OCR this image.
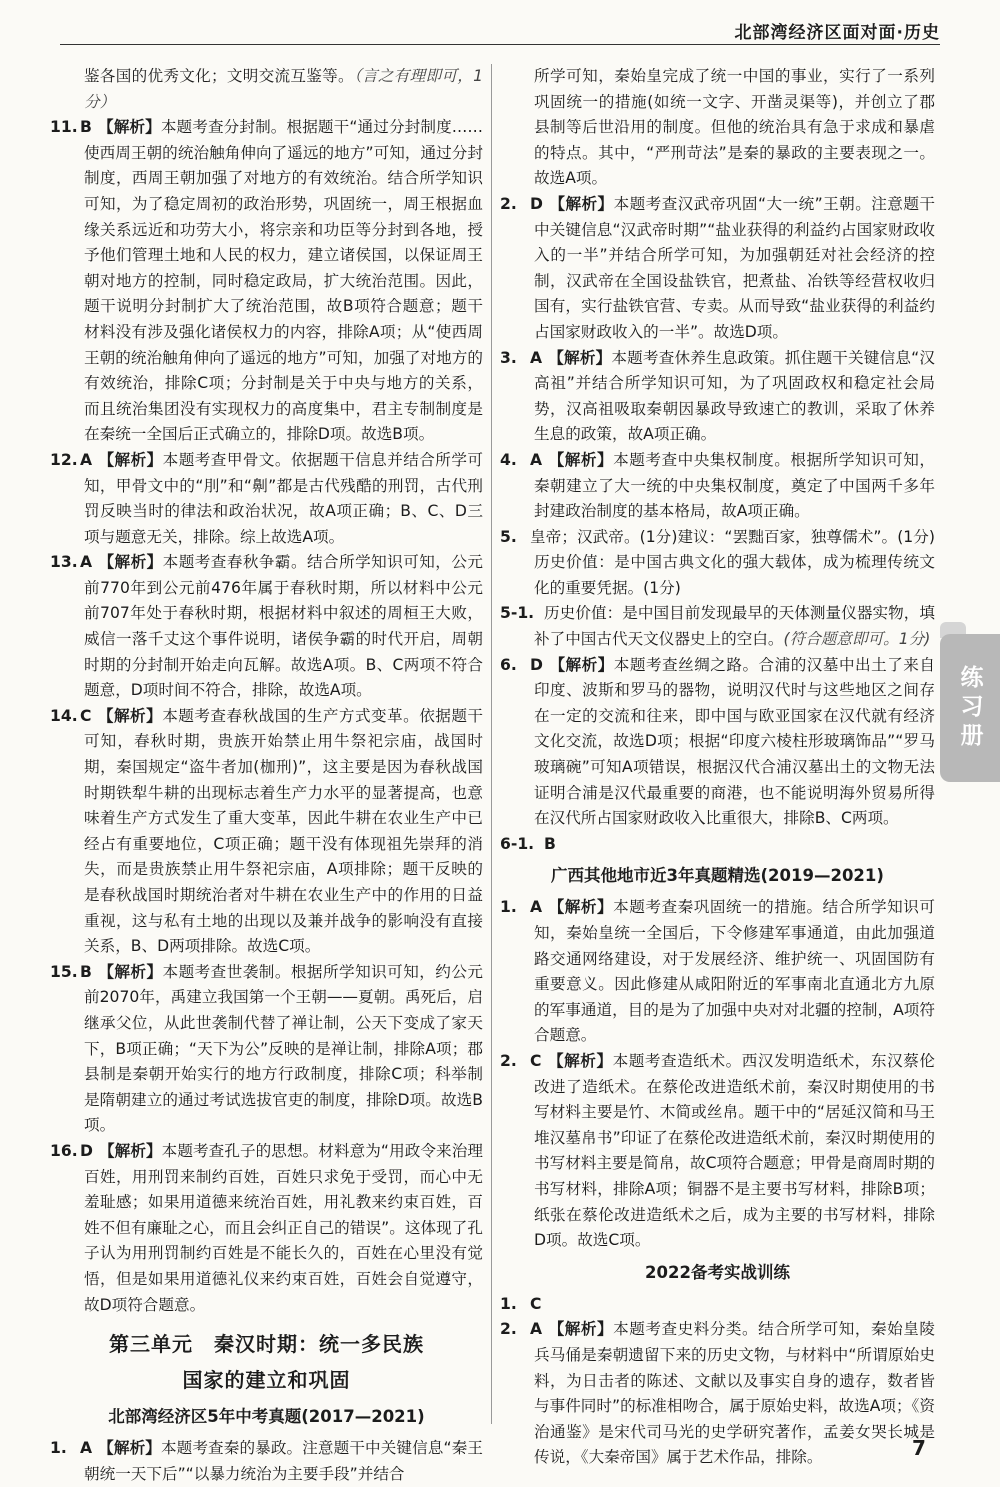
北部湾经济区面对面·历史

鉴各国的优秀文化；文明交流互鉴等。（言之有理即可，1分）

11. B 【解析】本题考查分封制。根据题干“通过分封制度……使西周王朝的统治触角伸向了遥远的地方”可知，通过分封制度，西周王朝加强了对地方的有效统治。结合所学知识可知，为了稳定周初的政治形势，巩固统一，周王根据血缘关系远近和功劳大小，将宗亲和功臣等分封到各地，授予他们管理土地和人民的权力，建立诸侯国，以保证周王朝对地方的控制，同时稳定政局，扩大统治范围。因此，题干说明分封制扩大了统治范围，故B项符合题意；题干材料没有涉及强化诸侯权力的内容，排除A项；从“使西周王朝的统治触角伸向了遥远的地方”可知，加强了对地方的有效统治，排除C项；分封制是关于中央与地方的关系，而且统治集团没有实现权力的高度集中，君主专制制度是在秦统一全国后正式确立的，排除D项。故选B项。

12. A 【解析】本题考查甲骨文。依据题干信息并结合所学可知，甲骨文中的“刖”和“劓”都是古代残酷的刑罚，古代刑罚反映当时的律法和政治状况，故A项正确；B、C、D三项与题意无关，排除。综上故选A项。

13. A 【解析】本题考查春秋争霸。结合所学知识可知，公元前770年到公元前476年属于春秋时期，所以材料中公元前707年处于春秋时期，根据材料中叙述的周桓王大败，威信一落千丈这个事件说明，诸侯争霸的时代开启，周朝时期的分封制开始走向瓦解。故选A项。B、C两项不符合题意，D项时间不符合，排除，故选A项。

14. C 【解析】本题考查春秋战国的生产方式变革。依据题干可知，春秋时期，贵族开始禁止用牛祭祀宗庙，战国时期，秦国规定“盗牛者加(枷刑)”，这主要是因为春秋战国时期铁犁牛耕的出现标志着生产力水平的显著提高，也意味着生产方式发生了重大变革，因此牛耕在农业生产中已经占有重要地位，C项正确；题干没有体现祖先崇拜的消失，而是贵族禁止用牛祭祀宗庙，A项排除；题干反映的是春秋战国时期统治者对牛耕在农业生产中的作用的日益重视，这与私有土地的出现以及兼并战争的影响没有直接关系，B、D两项排除。故选C项。

15. B 【解析】本题考查世袭制。根据所学知识可知，约公元前2070年，禹建立我国第一个王朝——夏朝。禹死后，启继承父位，从此世袭制代替了禅让制，公天下变成了家天下，B项正确；“天下为公”反映的是禅让制，排除A项；郡县制是秦朝开始实行的地方行政制度，排除C项；科举制是隋朝建立的通过考试选拔官吏的制度，排除D项。故选B项。

16. D 【解析】本题考查孔子的思想。材料意为“用政令来治理百姓，用刑罚来制约百姓，百姓只求免于受罚，而心中无羞耻感；如果用道德来统治百姓，用礼教来约束百姓，百姓不但有廉耻之心，而且会纠正自己的错误”。这体现了孔子认为用刑罚制约百姓是不能长久的，百姓在心里没有觉悟，但是如果用道德礼仪来约束百姓，百姓会自觉遵守，故D项符合题意。

第三单元　秦汉时期：统一多民族

国家的建立和巩固

北部湾经济区5年中考真题(2017—2021)

1. A 【解析】本题考查秦的暴政。注意题干中关键信息“秦王朝统一天下后”“以暴力统治为主要手段”并结合

所学可知，秦始皇完成了统一中国的事业，实行了一系列巩固统一的措施(如统一文字、开凿灵渠等)，并创立了郡县制等后世沿用的制度。但他的统治具有急于求成和暴虐的特点。其中，“严刑苛法”是秦的暴政的主要表现之一。故选A项。

2. D 【解析】本题考查汉武帝巩固“大一统”王朝。注意题干中关键信息“汉武帝时期”“盐业获得的利益约占国家财政收入的一半”并结合所学可知，为加强朝廷对社会经济的控制，汉武帝在全国设盐铁官，把煮盐、冶铁等经营权收归国有，实行盐铁官营、专卖。从而导致“盐业获得的利益约占国家财政收入的一半”。故选D项。

3. A 【解析】本题考查休养生息政策。抓住题干关键信息“汉高祖”并结合所学知识可知，为了巩固政权和稳定社会局势，汉高祖吸取秦朝因暴政导致速亡的教训，采取了休养生息的政策，故A项正确。

4. A 【解析】本题考查中央集权制度。根据所学知识可知，秦朝建立了大一统的中央集权制度，奠定了中国两千多年封建政治制度的基本格局，故A项正确。

5. 皇帝；汉武帝。(1分)建议：“罢黜百家，独尊儒术”。(1分)历史价值：是中国古典文化的强大载体，成为梳理传统文化的重要凭据。(1分)

5-1. 历史价值：是中国目前发现最早的天体测量仪器实物，填补了中国古代天文仪器史上的空白。(符合题意即可。1分)

6. D 【解析】本题考查丝绸之路。合浦的汉墓中出土了来自印度、波斯和罗马的器物，说明汉代时与这些地区之间存在一定的交流和往来，即中国与欧亚国家在汉代就有经济文化交流，故选D项；根据“印度六棱柱形玻璃饰品”“罗马玻璃碗”可知A项错误，根据汉代合浦汉墓出土的文物无法证明合浦是汉代最重要的商港，也不能说明海外贸易所得在汉代所占国家财政收入比重很大，排除B、C两项。

6-1. B

广西其他地市近3年真题精选(2019—2021)

1. A 【解析】本题考查秦巩固统一的措施。结合所学知识可知，秦始皇统一全国后，下令修建军事通道，由此加强道路交通网络建设，对于发展经济、维护统一、巩固国防有重要意义。因此修建从咸阳附近的军事南北直通北方九原的军事通道，目的是为了加强中央对对北疆的控制，A项符合题意。

2. C 【解析】本题考查造纸术。西汉发明造纸术，东汉蔡伦改进了造纸术。在蔡伦改进造纸术前，秦汉时期使用的书写材料主要是竹、木简或丝帛。题干中的“居延汉简和马王堆汉墓帛书”印证了在蔡伦改进造纸术前，秦汉时期使用的书写材料主要是简帛，故C项符合题意；甲骨是商周时期的书写材料，排除A项；铜器不是主要书写材料，排除B项；纸张在蔡伦改进造纸术之后，成为主要的书写材料，排除D项。故选C项。

2022备考实战训练

1. C

2. A 【解析】本题考查史料分类。结合所学可知，秦始皇陵兵马俑是秦朝遗留下来的历史文物，与材料中“所谓原始史料，为日击者的陈述、文献以及事实自身的遗存，数者皆与事件同时”的标准相吻合，属于原始史料，故选A项；《资治通鉴》是宋代司马光的史学研究著作，孟姜女哭长城是传说，《大秦帝国》属于艺术作品，排除。

练习册
7
